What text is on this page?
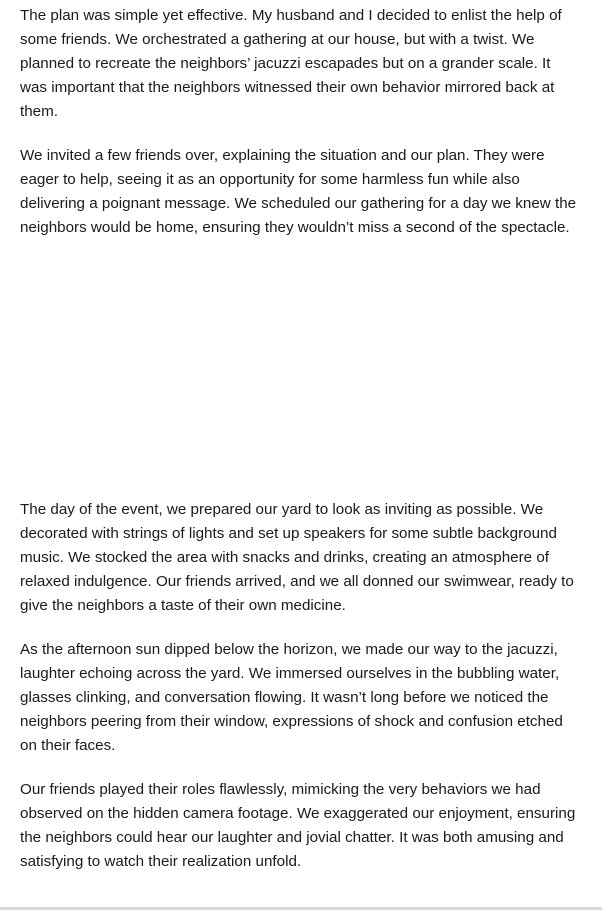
The plan was simple yet effective. My husband and I decided to enlist the help of some friends. We orchestrated a gathering at our house, but with a twist. We planned to recreate the neighbors’ jacuzzi escapades but on a grander scale. It was important that the neighbors witnessed their own behavior mirrored back at them.

We invited a few friends over, explaining the situation and our plan. They were eager to help, seeing it as an opportunity for some harmless fun while also delivering a poignant message. We scheduled our gathering for a day we knew the neighbors would be home, ensuring they wouldn’t miss a second of the spectacle.

The day of the event, we prepared our yard to look as inviting as possible. We decorated with strings of lights and set up speakers for some subtle background music. We stocked the area with snacks and drinks, creating an atmosphere of relaxed indulgence. Our friends arrived, and we all donned our swimwear, ready to give the neighbors a taste of their own medicine.

As the afternoon sun dipped below the horizon, we made our way to the jacuzzi, laughter echoing across the yard. We immersed ourselves in the bubbling water, glasses clinking, and conversation flowing. It wasn’t long before we noticed the neighbors peering from their window, expressions of shock and confusion etched on their faces.

Our friends played their roles flawlessly, mimicking the very behaviors we had observed on the hidden camera footage. We exaggerated our enjoyment, ensuring the neighbors could hear our laughter and jovial chatter. It was both amusing and satisfying to watch their realization unfold.
